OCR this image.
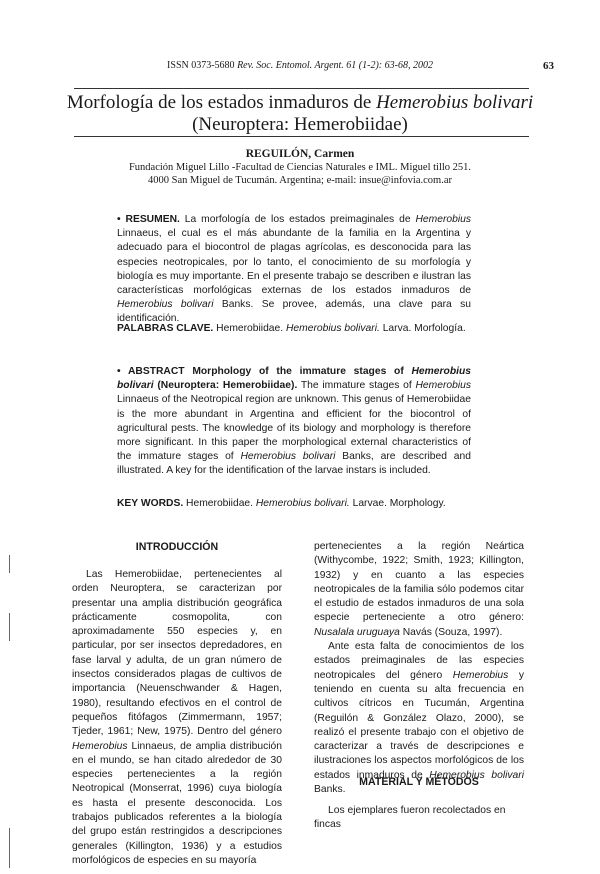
ISSN 0373-5680 Rev. Soc. Entomol. Argent. 61 (1-2): 63-68, 2002	63
Morfología de los estados inmaduros de Hemerobius bolivari
(Neuroptera: Hemerobiidae)
REGUILÓN, Carmen
Fundación Miguel Lillo -Facultad de Ciencias Naturales e IML. Miguel tillo 251.
4000 San Miguel de Tucumán. Argentina; e-mail: insue@infovia.com.ar
• RESUMEN. La morfología de los estados preimaginales de Hemerobius Linnaeus, el cual es el más abundante de la familia en la Argentina y adecuado para el biocontrol de plagas agrícolas, es desconocida para las especies neotropicales, por lo tanto, el conocimiento de su morfología y biología es muy importante. En el presente trabajo se describen e ilustran las características morfológicas externas de los estados inmaduros de Hemerobius bolivari Banks. Se provee, además, una clave para su identificación.
PALABRAS CLAVE. Hemerobiidae. Hemerobius bolivari. Larva. Morfología.
• ABSTRACT Morphology of the immature stages of Hemerobius bolivari (Neuroptera: Hemerobiidae). The immature stages of Hemerobius Linnaeus of the Neotropical region are unknown. This genus of Hemerobiidae is the more abundant in Argentina and efficient for the biocontrol of agricultural pests. The knowledge of its biology and morphology is therefore more significant. In this paper the morphological external characteristics of the immature stages of Hemerobius bolivari Banks, are described and illustrated. A key for the identification of the larvae instars is included.
KEY WORDS. Hemerobiidae. Hemerobius bolivari. Larvae. Morphology.
INTRODUCCIÓN

Las Hemerobiidae, pertenecientes al orden Neuroptera, se caracterizan por presentar una amplia distribución geográfica prácticamente cosmopolita, con aproximadamente 550 especies y, en particular, por ser insectos depredadores, en fase larval y adulta, de un gran número de insectos considerados plagas de cultivos de importancia (Neuenschwander & Hagen, 1980), resultando efectivos en el control de pequeños fitófagos (Zimmermann, 1957; Tjeder, 1961; New, 1975). Dentro del género Hemerobius Linnaeus, de amplia distribución en el mundo, se han citado alrededor de 30 especies pertenecientes a la región Neotropical (Monserrat, 1996) cuya biología es hasta el presente desconocida. Los trabajos publicados referentes a la biología del grupo están restringidos a descripciones generales (Killington, 1936) y a estudios morfológicos de especies en su mayoría

pertenecientes a la región Neártica (Withycombe, 1922; Smith, 1923; Killington, 1932) y en cuanto a las especies neotropicales de la familia sólo podemos citar el estudio de estados inmaduros de una sola especie perteneciente a otro género: Nusalala uruguaya Navás (Souza, 1997).

Ante esta falta de conocimientos de los estados preimaginales de las especies neotropicales del género Hemerobius y teniendo en cuenta su alta frecuencia en cultivos cítricos en Tucumán, Argentina (Reguilón & González Olazo, 2000), se realizó el presente trabajo con el objetivo de caracterizar a través de descripciones e ilustraciones los aspectos morfológicos de los estados inmaduros de Hemerobius bolivari Banks.

MATERIAL Y MÉTODOS

Los ejemplares fueron recolectados en fincas
